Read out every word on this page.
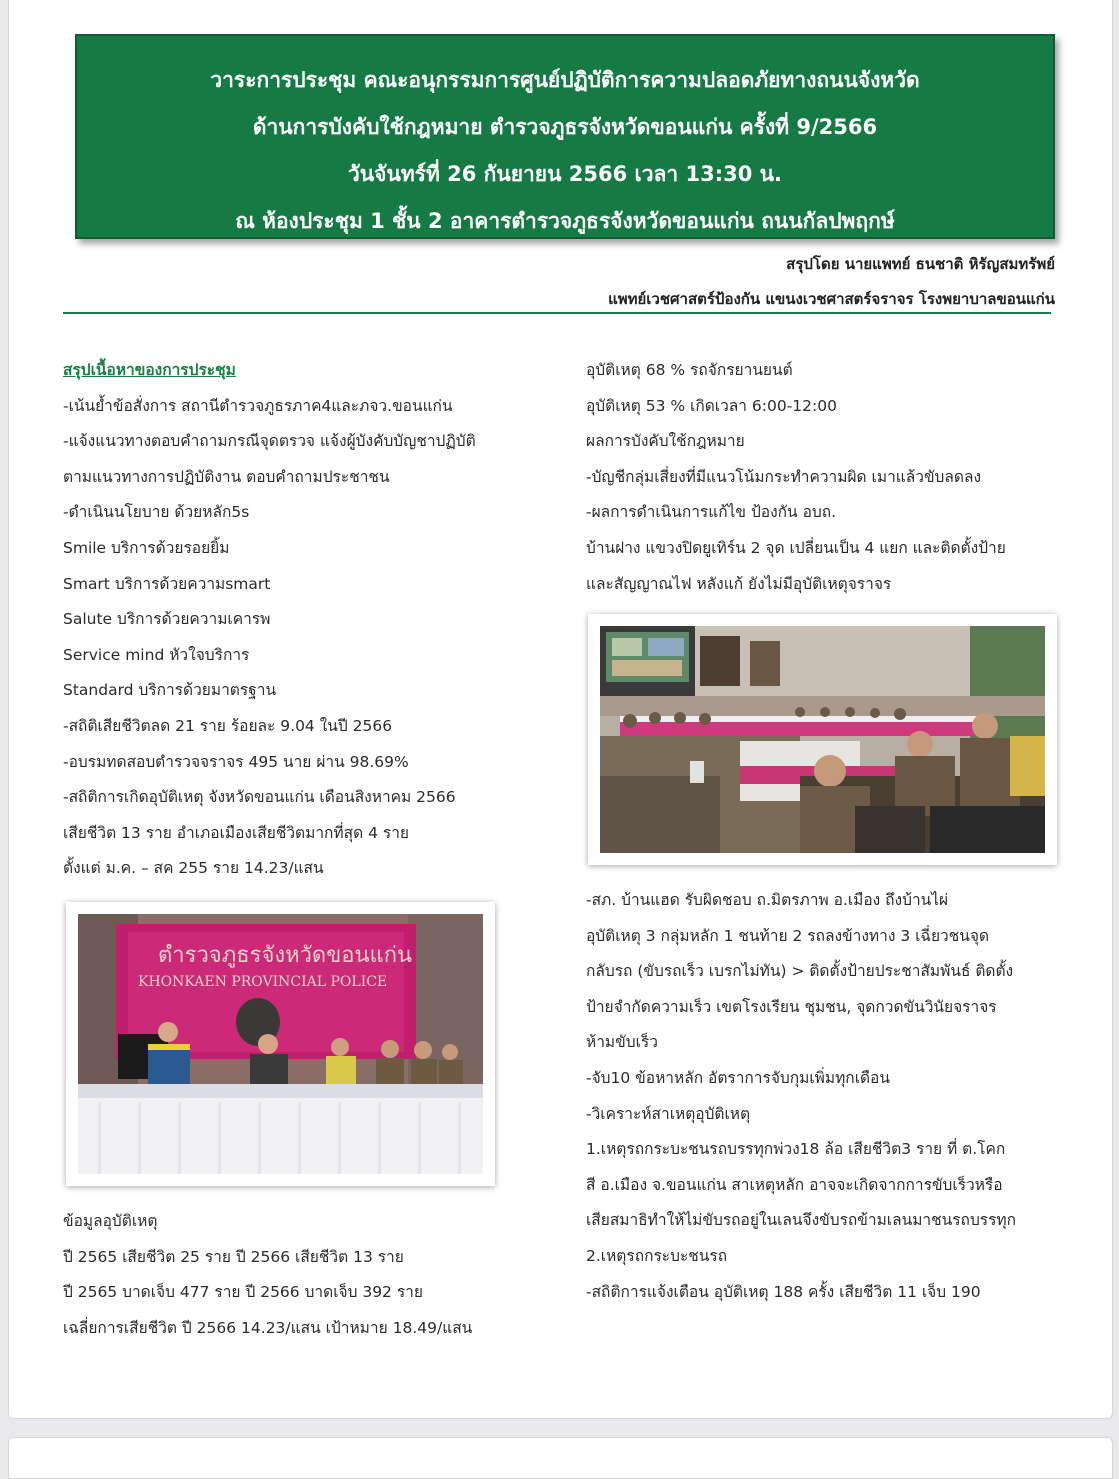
วาระการประชุม คณะอนุกรรมการศูนย์ปฏิบัติการความปลอดภัยทางถนนจังหวัด
ด้านการบังคับใช้กฎหมาย ตำรวจภูธรจังหวัดขอนแก่น ครั้งที่ 9/2566
วันจันทร์ที่ 26 กันยายน 2566 เวลา 13:30 น.
ณ ห้องประชุม 1 ชั้น 2 อาคารตำรวจภูธรจังหวัดขอนแก่น ถนนกัลปพฤกษ์
สรุปโดย นายแพทย์ ธนชาติ หิรัญสมทรัพย์
แพทย์เวชศาสตร์ป้องกัน แขนงเวชศาสตร์จราจร โรงพยาบาลขอนแก่น
สรุปเนื้อหาของการประชุม
-เน้นย้ำข้อสั่งการ สถานีตำรวจภูธรภาค4และภจว.ขอนแก่น
-แจ้งแนวทางตอบคำถามกรณีจุดตรวจ แจ้งผู้บังคับบัญชาปฏิบัติ
ตามแนวทางการปฏิบัติงาน ตอบคำถามประชาชน
-ดำเนินนโยบาย ด้วยหลัก5s
Smile บริการด้วยรอยยิ้ม
Smart บริการด้วยความsmart
Salute บริการด้วยความเคารพ
Service mind หัวใจบริการ
Standard บริการด้วยมาตรฐาน
-สถิติเสียชีวิตลด 21 ราย ร้อยละ 9.04 ในปี 2566
-อบรมทดสอบตำรวจจราจร 495 นาย ผ่าน 98.69%
-สถิติการเกิดอุบัติเหตุ จังหวัดขอนแก่น เดือนสิงหาคม 2566
เสียชีวิต 13 ราย อำเภอเมืองเสียชีวิตมากที่สุด 4 ราย
ตั้งแต่ ม.ค. – สค 255 ราย 14.23/แสน
ตำรวจภูธรจังหวัดขอนแก่น
KHONKAEN PROVINCIAL POLICE
ข้อมูลอุบัติเหตุ
ปี 2565 เสียชีวิต 25 ราย ปี 2566 เสียชีวิต 13 ราย
ปี 2565 บาดเจ็บ 477 ราย ปี 2566 บาดเจ็บ 392 ราย
เฉลี่ยการเสียชีวิต ปี 2566 14.23/แสน เป้าหมาย 18.49/แสน
อุบัติเหตุ 68 % รถจักรยานยนต์
อุบัติเหตุ 53 % เกิดเวลา 6:00-12:00
ผลการบังคับใช้กฎหมาย
-บัญชีกลุ่มเสี่ยงที่มีแนวโน้มกระทำความผิด เมาแล้วขับลดลง
-ผลการดำเนินการแก้ไข ป้องกัน อบถ.
บ้านฝาง แขวงปิดยูเทิร์น 2 จุด เปลี่ยนเป็น 4 แยก และติดตั้งป้าย
และสัญญาณไฟ หลังแก้ ยังไม่มีอุบัติเหตุจราจร
-สภ. บ้านแฮด รับผิดชอบ ถ.มิตรภาพ อ.เมือง ถึงบ้านไผ่
อุบัติเหตุ 3 กลุ่มหลัก 1 ชนท้าย 2 รถลงข้างทาง 3 เฉี่ยวชนจุด
กลับรถ (ขับรถเร็ว เบรกไม่ทัน) > ติดตั้งป้ายประชาสัมพันธ์ ติดตั้ง
ป้ายจำกัดความเร็ว เขตโรงเรียน ชุมชน, จุดกวดขันวินัยจราจร
ห้ามขับเร็ว
-จับ10 ข้อหาหลัก อัตราการจับกุมเพิ่มทุกเดือน
-วิเคราะห์สาเหตุอุบัติเหตุ
1.เหตุรถกระบะชนรถบรรทุกพ่วง18 ล้อ เสียชีวิต3 ราย ที่ ต.โคก
สี อ.เมือง จ.ขอนแก่น สาเหตุหลัก อาจจะเกิดจากการขับเร็วหรือ
เสียสมาธิทำให้ไม่ขับรถอยู่ในเลนจึงขับรถข้ามเลนมาชนรถบรรทุก
2.เหตุรถกระบะชนรถ
-สถิติการแจ้งเตือน อุบัติเหตุ 188 ครั้ง เสียชีวิต 11 เจ็บ 190
